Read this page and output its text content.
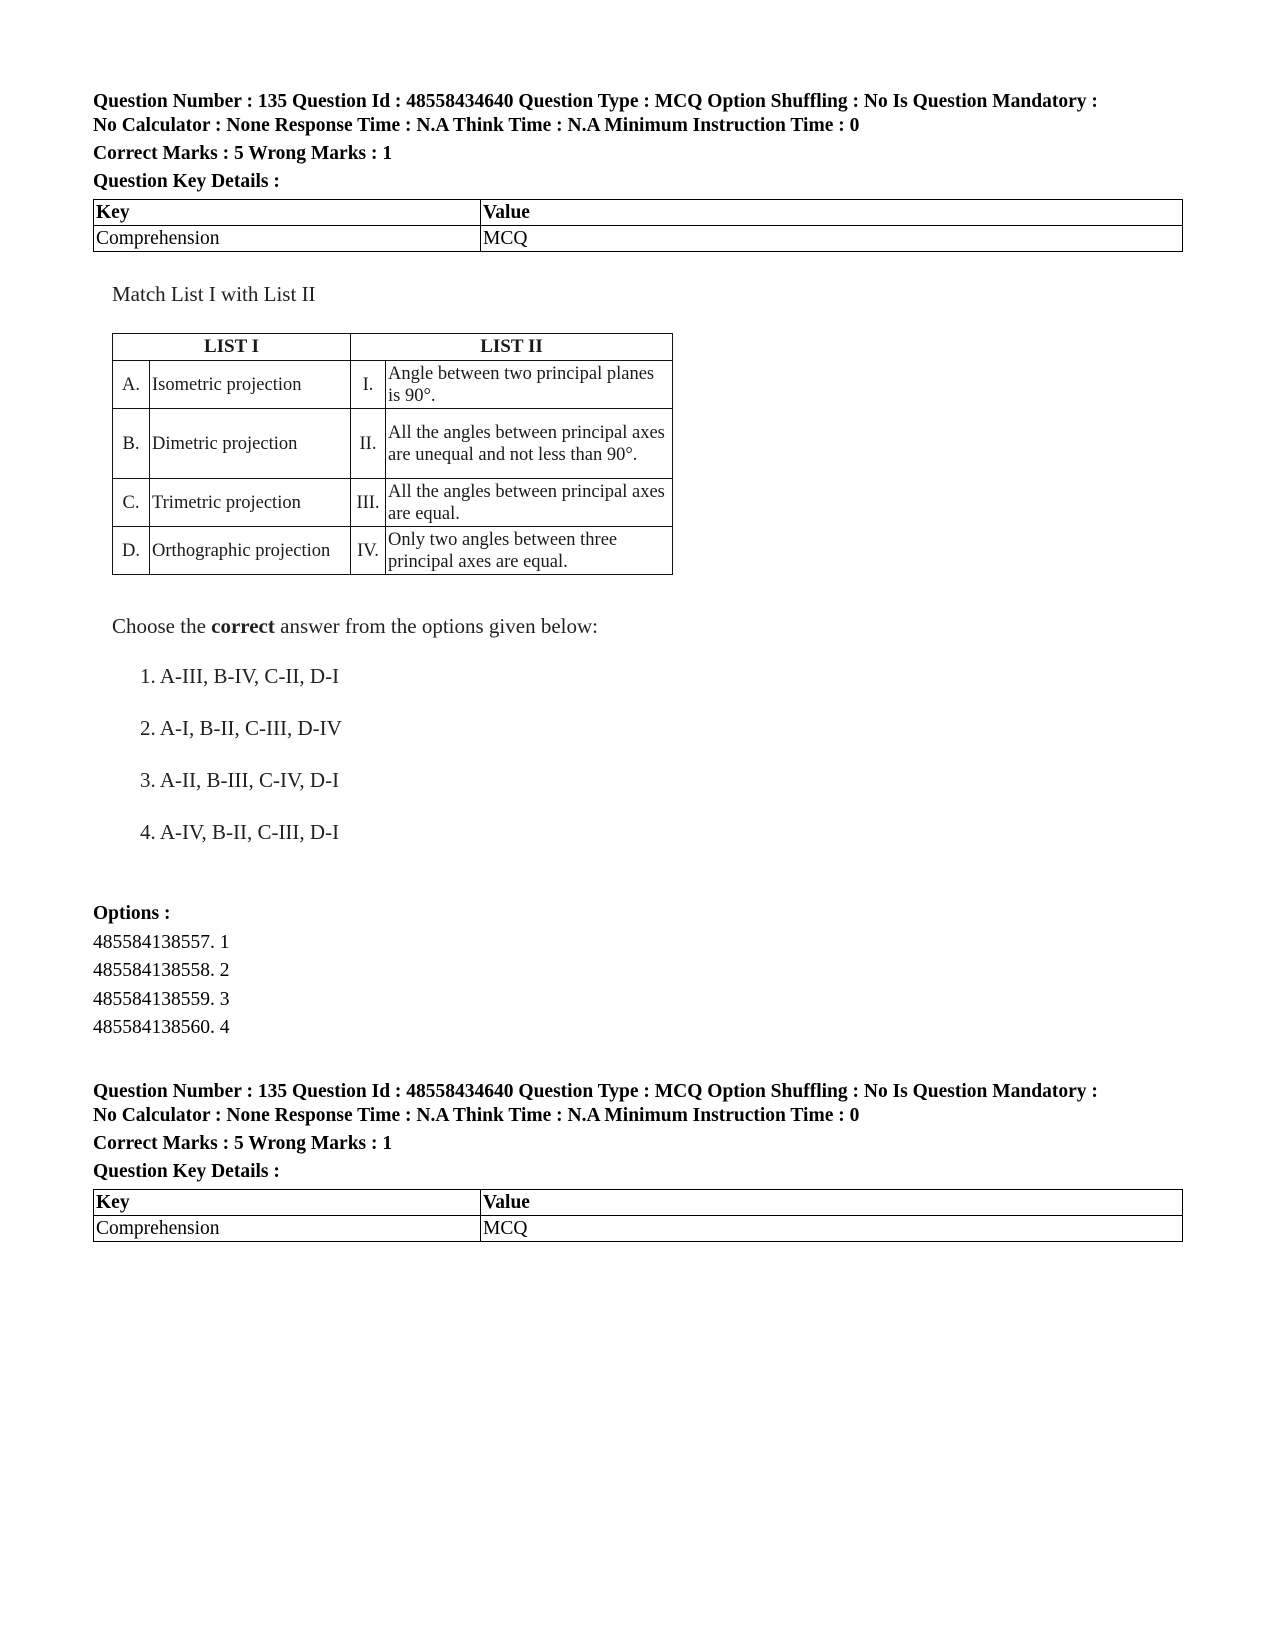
Question Number : 135 Question Id : 48558434640 Question Type : MCQ Option Shuffling : No Is Question Mandatory :

No Calculator : None Response Time : N.A Think Time : N.A Minimum Instruction Time : 0

Correct Marks : 5 Wrong Marks : 1

Question Key Details :

Key	Value
Comprehension	MCQ
Match List I with List II
LIST I		LIST II	
A.	Isometric projection	I.	Angle between two principal planes is 90°.
B.	Dimetric projection	II.	All the angles between principal axes are unequal and not less than 90°.
C.	Trimetric projection	III.	All the angles between principal axes are equal.
D.	Orthographic projection	IV.	Only two angles between three principal axes are equal.
Choose the correct answer from the options given below:
1. A-III, B-IV, C-II, D-I
2. A-I, B-II, C-III, D-IV
3. A-II, B-III, C-IV, D-I
4. A-IV, B-II, C-III, D-I
Options :
485584138557. 1
485584138558. 2
485584138559. 3
485584138560. 4

Question Number : 135 Question Id : 48558434640 Question Type : MCQ Option Shuffling : No Is Question Mandatory :

No Calculator : None Response Time : N.A Think Time : N.A Minimum Instruction Time : 0

Correct Marks : 5 Wrong Marks : 1

Question Key Details :

Key	Value
Comprehension	MCQ
